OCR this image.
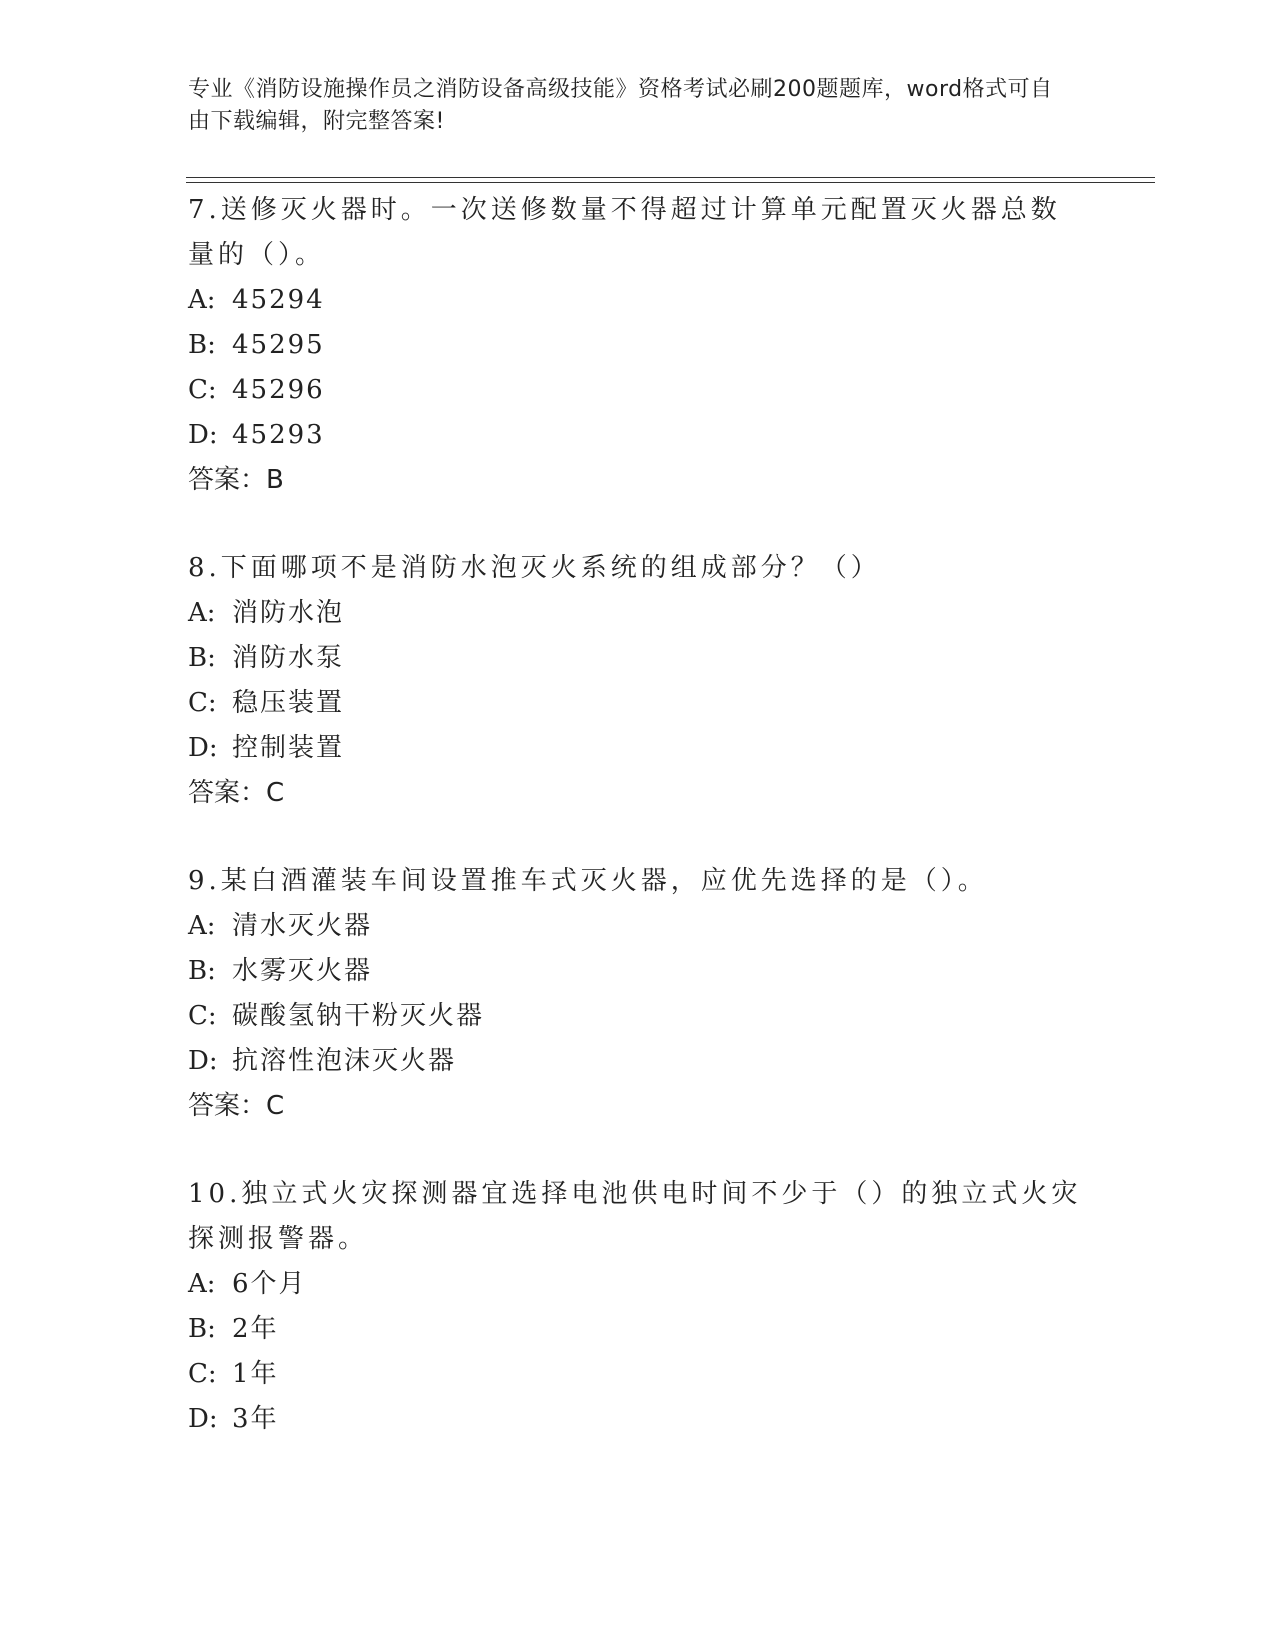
专业《消防设施操作员之消防设备高级技能》资格考试必刷200题题库，word格式可自由下载编辑，附完整答案!

7.送修灭火器时。一次送修数量不得超过计算单元配置灭火器总数量的（）。

A: 45294
B: 45295
C: 45296
D: 45293
答案：B

8.下面哪项不是消防水泡灭火系统的组成部分？（）

A: 消防水泡
B: 消防水泵
C: 稳压装置
D: 控制装置
答案：C

9.某白酒灌装车间设置推车式灭火器，应优先选择的是（）。

A: 清水灭火器
B: 水雾灭火器
C: 碳酸氢钠干粉灭火器
D: 抗溶性泡沫灭火器
答案：C

10.独立式火灾探测器宜选择电池供电时间不少于（）的独立式火灾探测报警器。

A: 6个月
B: 2年
C: 1年
D: 3年
